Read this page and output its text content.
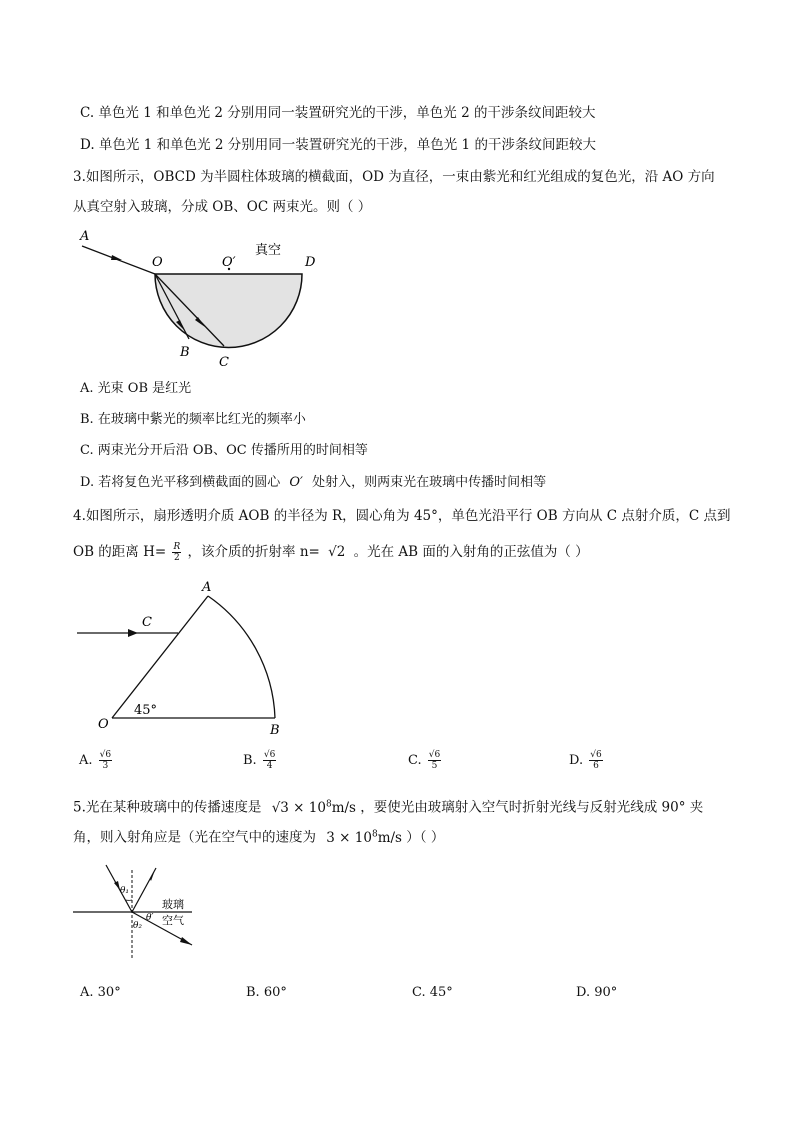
C. 单色光 1 和单色光 2 分别用同一装置研究光的干涉，单色光 2 的干涉条纹间距较大
D. 单色光 1 和单色光 2 分别用同一装置研究光的干涉，单色光 1 的干涉条纹间距较大
3.如图所示，OBCD 为半圆柱体玻璃的横截面，OD 为直径，一束由紫光和红光组成的复色光，沿 AO 方向
从真空射入玻璃，分成 OB、OC 两束光。则（ ）
A
O	O′
真空
D
B
C
A. 光束 OB 是红光
B. 在玻璃中紫光的频率比红光的频率小
C. 两束光分开后沿 OB、OC 传播所用的时间相等
D. 若将复色光平移到横截面的圆心 O′ 处射入，则两束光在玻璃中传播时间相等
4.如图所示，扇形透明介质 AOB 的半径为 R，圆心角为 45°，单色光沿平行 OB 方向从 C 点射介质，C 点到
OB 的距离 $H= \frac{R}{2}$ ，该介质的折射率 n= √2 。光在 AB 面的入射角的正弦值为（ ）
A
C
45°
O	B
A. $\frac{√6}{3}$	B. $\frac{√6}{4}$	C. $\frac{√6}{5}$	D. $\frac{√6}{6}$
5.光在某种玻璃中的传播速度是 $√3 \times 10^8m/s$ ，要使光由玻璃射入空气时折射光线与反射光线成 90° 夹
角，则入射角应是（光在空气中的速度为 $3 \times 10^8m/s$ ）（ ）
θ₁
θ₂
θ′
玻璃
空气
A. 30°	B. 60°	C. 45°	D. 90°
